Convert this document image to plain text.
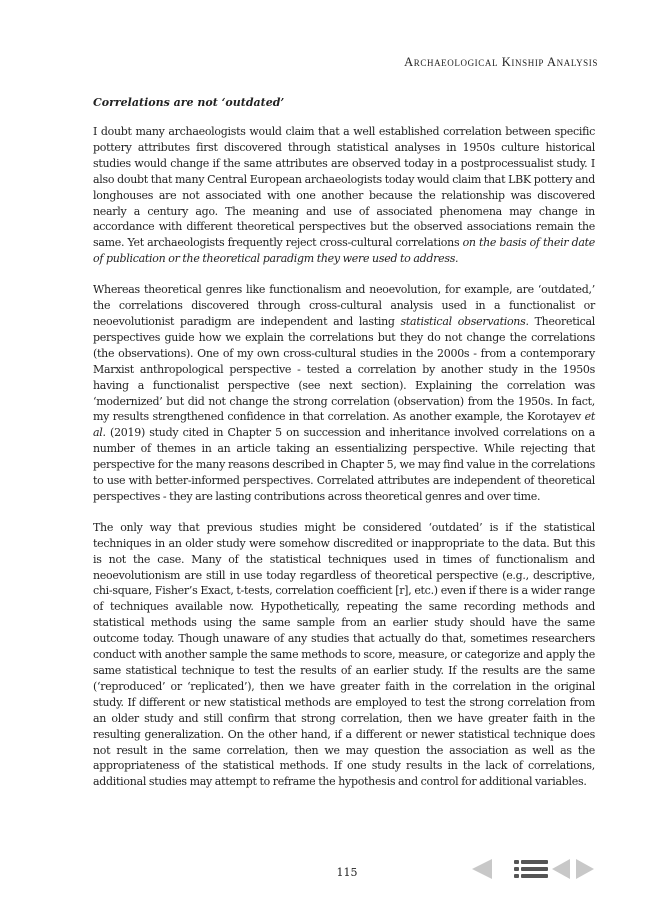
Archaeological Kinship Analysis
Correlations are not ‘outdated’

I doubt many archaeologists would claim that a well established correlation between specific pottery attributes first discovered through statistical analyses in 1950s culture historical studies would change if the same attributes are observed today in a postprocessualist study. I also doubt that many Central European archaeologists today would claim that LBK pottery and longhouses are not associated with one another because the relationship was discovered nearly a century ago. The meaning and use of associated phenomena may change in accordance with different theoretical perspectives but the observed associations remain the same. Yet archaeologists frequently reject cross-cultural correlations on the basis of their date of publication or the theoretical paradigm they were used to address.

Whereas theoretical genres like functionalism and neoevolution, for example, are ‘outdated,’ the correlations discovered through cross-cultural analysis used in a functionalist or neoevolutionist paradigm are independent and lasting statistical observations. Theoretical perspectives guide how we explain the correlations but they do not change the correlations (the observations). One of my own cross-cultural studies in the 2000s - from a contemporary Marxist anthropological perspective - tested a correlation by another study in the 1950s having a functionalist perspective (see next section). Explaining the correlation was ‘modernized’ but did not change the strong correlation (observation) from the 1950s. In fact, my results strengthened confidence in that correlation. As another example, the Korotayev et al. (2019) study cited in Chapter 5 on succession and inheritance involved correlations on a number of themes in an article taking an essentializing perspective. While rejecting that perspective for the many reasons described in Chapter 5, we may find value in the correlations to use with better-informed perspectives. Correlated attributes are independent of theoretical perspectives - they are lasting contributions across theoretical genres and over time.

The only way that previous studies might be considered ‘outdated’ is if the statistical techniques in an older study were somehow discredited or inappropriate to the data. But this is not the case. Many of the statistical techniques used in times of functionalism and neoevolutionism are still in use today regardless of theoretical perspective (e.g., descriptive, chi-square, Fisher’s Exact, t-tests, correlation coefficient [r], etc.) even if there is a wider range of techniques available now. Hypothetically, repeating the same recording methods and statistical methods using the same sample from an earlier study should have the same outcome today. Though unaware of any studies that actually do that, sometimes researchers conduct with another sample the same methods to score, measure, or categorize and apply the same statistical technique to test the results of an earlier study. If the results are the same (‘reproduced’ or ‘replicated’), then we have greater faith in the correlation in the original study. If different or new statistical methods are employed to test the strong correlation from an older study and still confirm that strong correlation, then we have greater faith in the resulting generalization. On the other hand, if a different or newer statistical technique does not result in the same correlation, then we may question the association as well as the appropriateness of the statistical methods. If one study results in the lack of correlations, additional studies may attempt to reframe the hypothesis and control for additional variables.

115
